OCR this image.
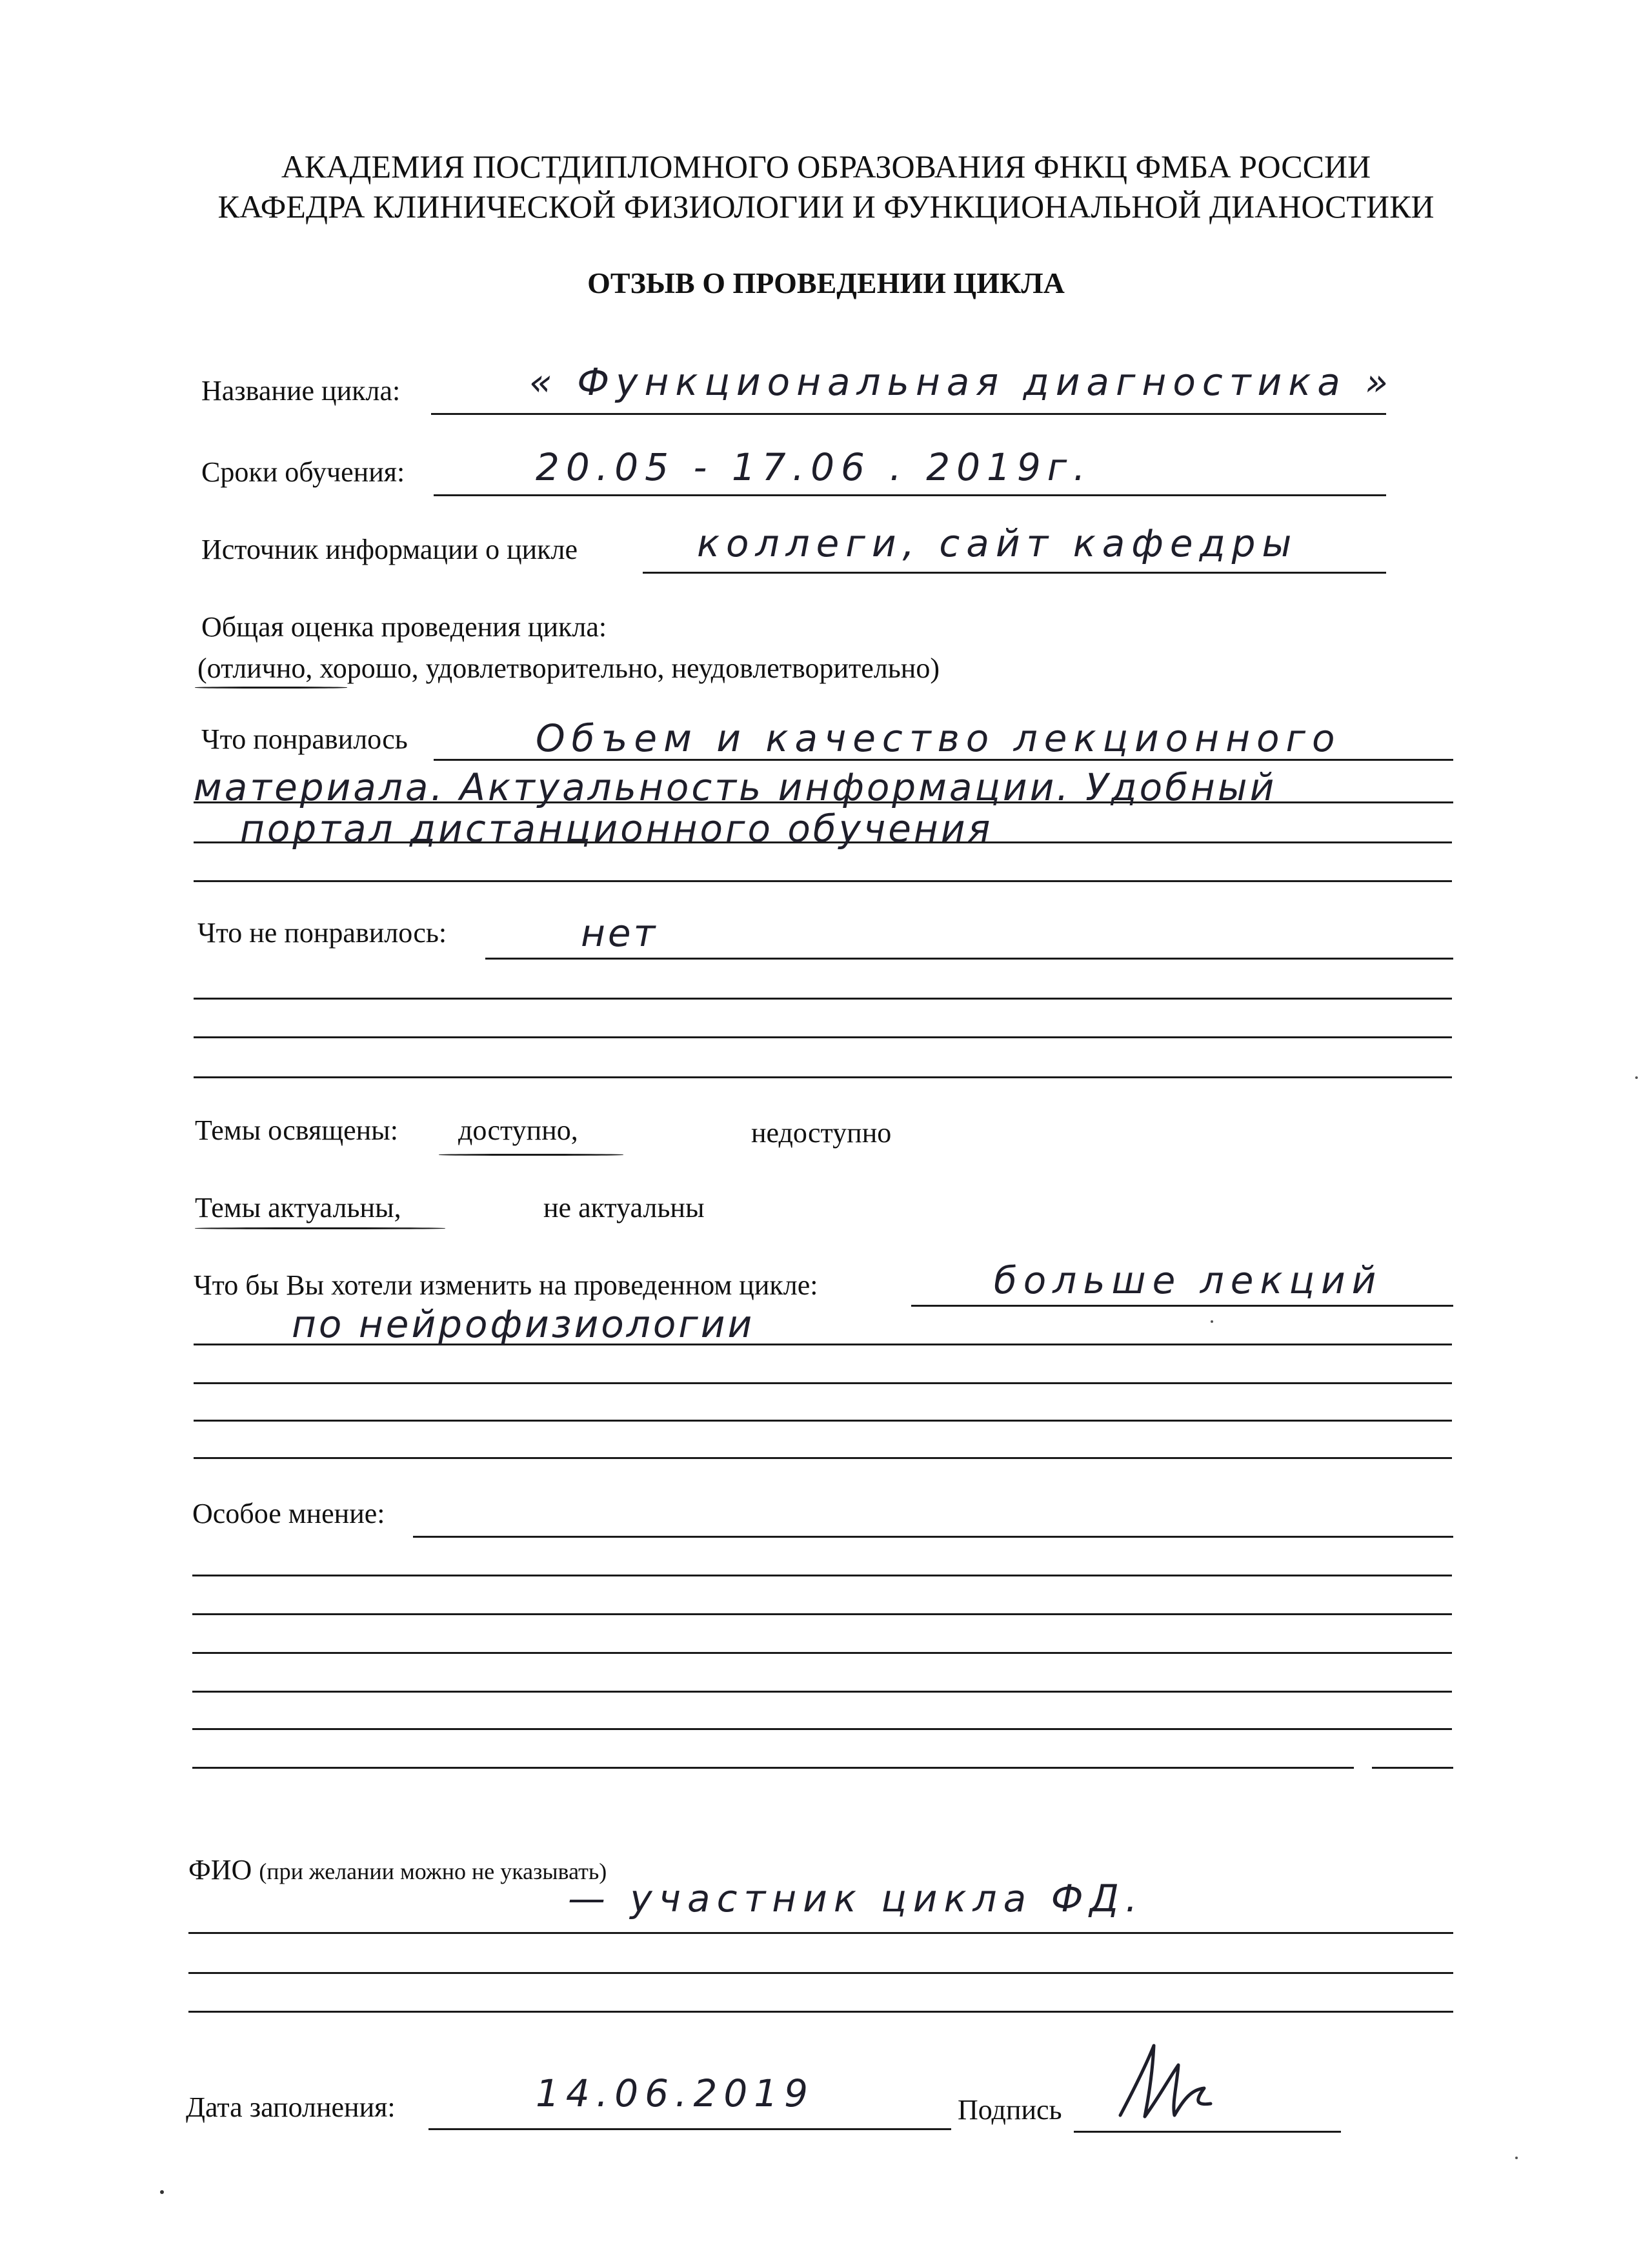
АКАДЕМИЯ ПОСТДИПЛОМНОГО ОБРАЗОВАНИЯ ФНКЦ ФМБА РОССИИ
КАФЕДРА КЛИНИЧЕСКОЙ ФИЗИОЛОГИИ И ФУНКЦИОНАЛЬНОЙ ДИАНОСТИКИ
ОТЗЫВ О ПРОВЕДЕНИИ ЦИКЛА
Название цикла:	« Функциональная диагностика »
Сроки обучения:	20.05 - 17.06 . 2019г.
Источник информации о цикле	коллеги, сайт кафедры
Общая оценка проведения цикла:
(отлично, хорошо, удовлетворительно, неудовлетворительно)
Что понравилось	Объем и качество лекционного
материала. Актуальность информации. Удобный
портал дистанционного обучения
Что не понравилось:	нет
Темы освящены: доступно,	недоступно
Темы актуальны,	не актуальны
Что бы Вы хотели изменить на проведенном цикле:	больше лекций
по нейрофизиологии
Особое мнение:
ФИО (при желании можно не указывать)
— участник цикла ФД.
Дата заполнения:	14.06.2019	Подпись
